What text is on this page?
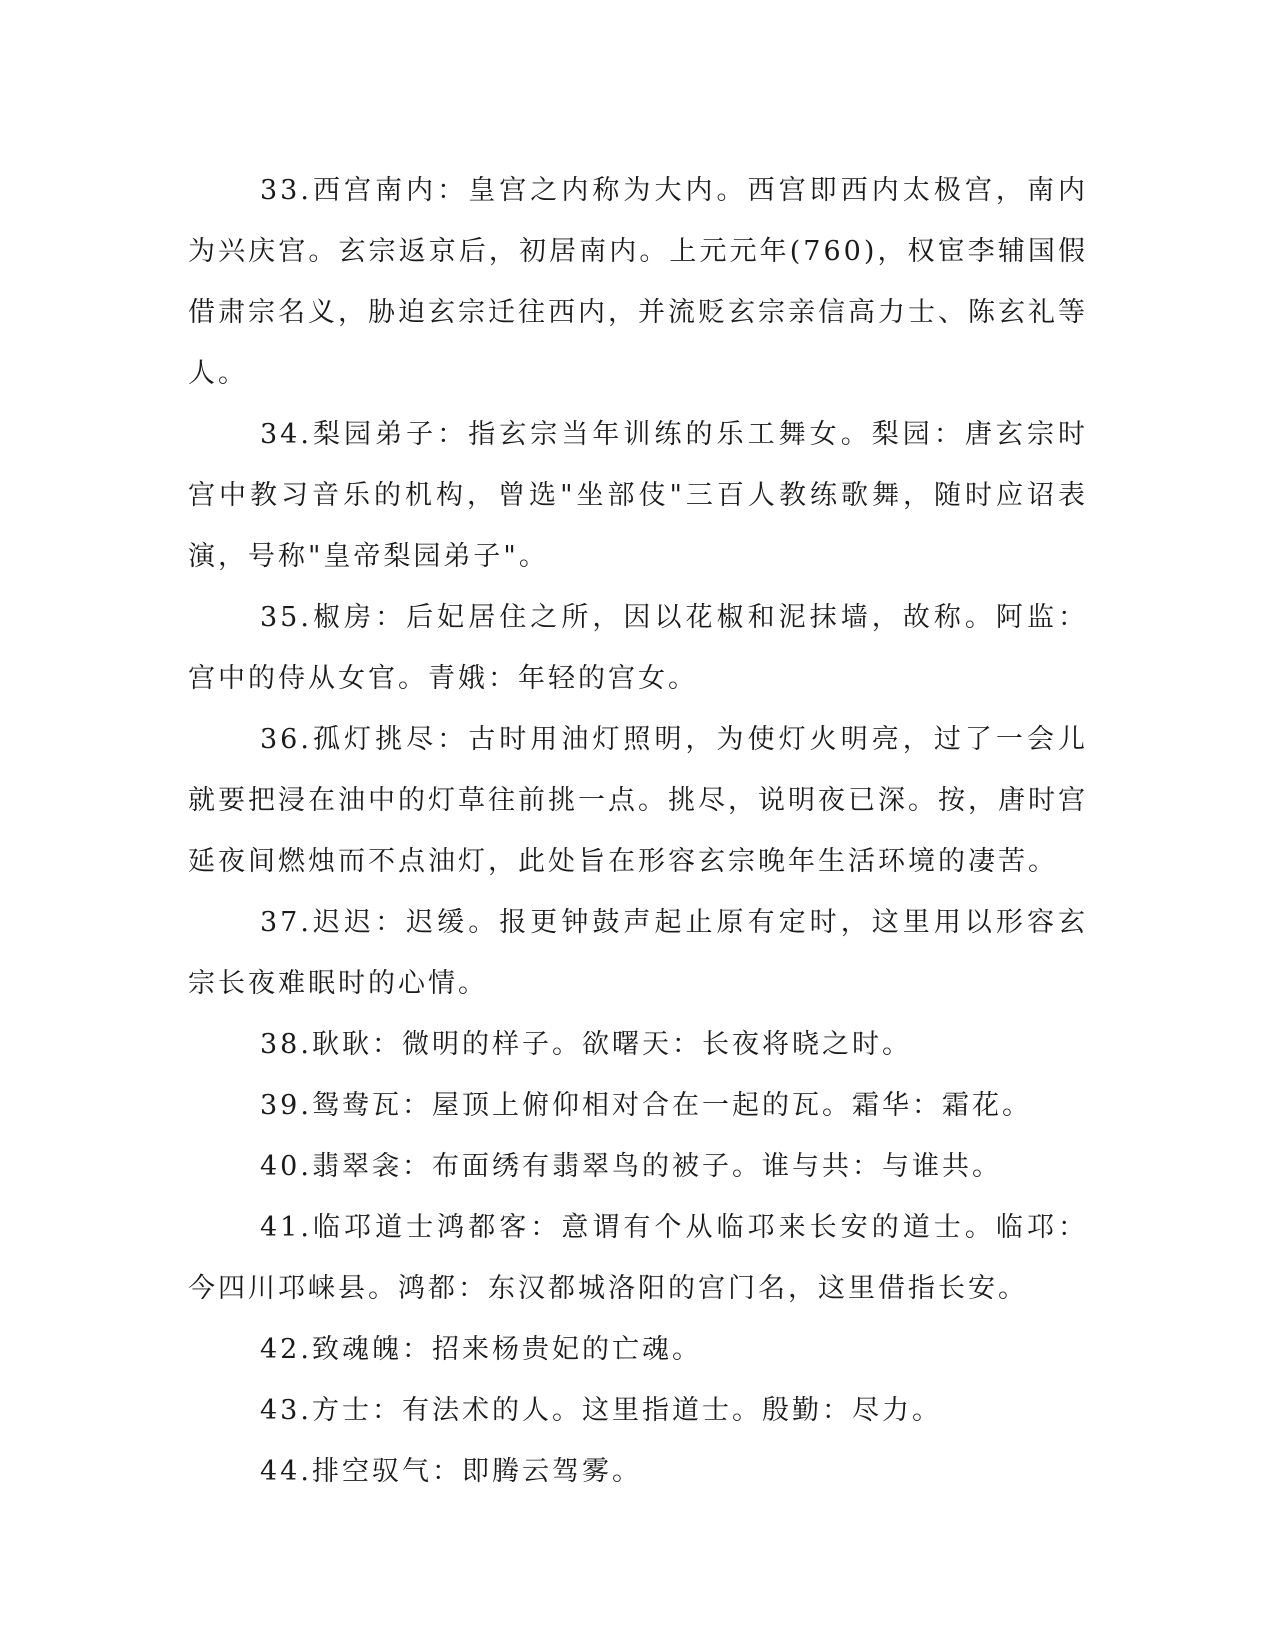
33.西宫南内：皇宫之内称为大内。西宫即西内太极宫，南内为兴庆宫。玄宗返京后，初居南内。上元元年(760)，权宦李辅国假借肃宗名义，胁迫玄宗迁往西内，并流贬玄宗亲信高力士、陈玄礼等人。

34.梨园弟子：指玄宗当年训练的乐工舞女。梨园：唐玄宗时宫中教习音乐的机构，曾选"坐部伎"三百人教练歌舞，随时应诏表演，号称"皇帝梨园弟子"。

35.椒房：后妃居住之所，因以花椒和泥抹墙，故称。阿监：宫中的侍从女官。青娥：年轻的宫女。

36.孤灯挑尽：古时用油灯照明，为使灯火明亮，过了一会儿就要把浸在油中的灯草往前挑一点。挑尽，说明夜已深。按，唐时宫延夜间燃烛而不点油灯，此处旨在形容玄宗晚年生活环境的凄苦。

37.迟迟：迟缓。报更钟鼓声起止原有定时，这里用以形容玄宗长夜难眠时的心情。

38.耿耿：微明的样子。欲曙天：长夜将晓之时。

39.鸳鸯瓦：屋顶上俯仰相对合在一起的瓦。霜华：霜花。

40.翡翠衾：布面绣有翡翠鸟的被子。谁与共：与谁共。

41.临邛道士鸿都客：意谓有个从临邛来长安的道士。临邛：今四川邛崃县。鸿都：东汉都城洛阳的宫门名，这里借指长安。

42.致魂魄：招来杨贵妃的亡魂。

43.方士：有法术的人。这里指道士。殷勤：尽力。

44.排空驭气：即腾云驾雾。
